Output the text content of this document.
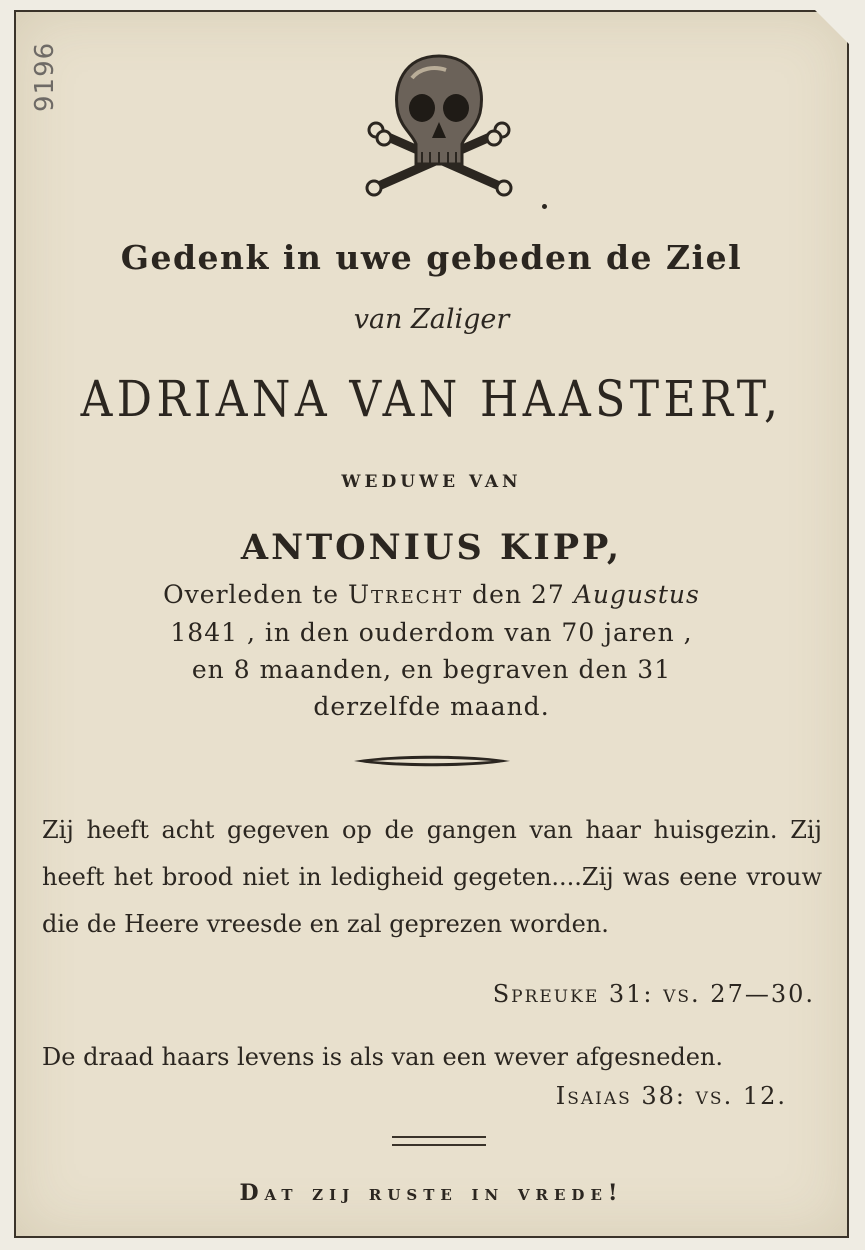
9196
Gedenk in uwe gebeden de Ziel
van Zaliger
ADRIANA VAN HAASTERT,
WEDUWE VAN
ANTONIUS KIPP,
Overleden te Utrecht den 27 Augustus
1841 , in den ouderdom van 70 jaren ,
en 8 maanden, en begraven den 31
derzelfde maand.
Zij heeft acht gegeven op de gangen van haar huisgezin. Zij heeft het brood niet in ledigheid gegeten....Zij was eene vrouw die de Heere vreesde en zal geprezen worden.
Spreuke 31: vs. 27—30.
De draad haars levens is als van een wever afgesneden.
Isaias 38: vs. 12.
Dat zij ruste in vrede!
